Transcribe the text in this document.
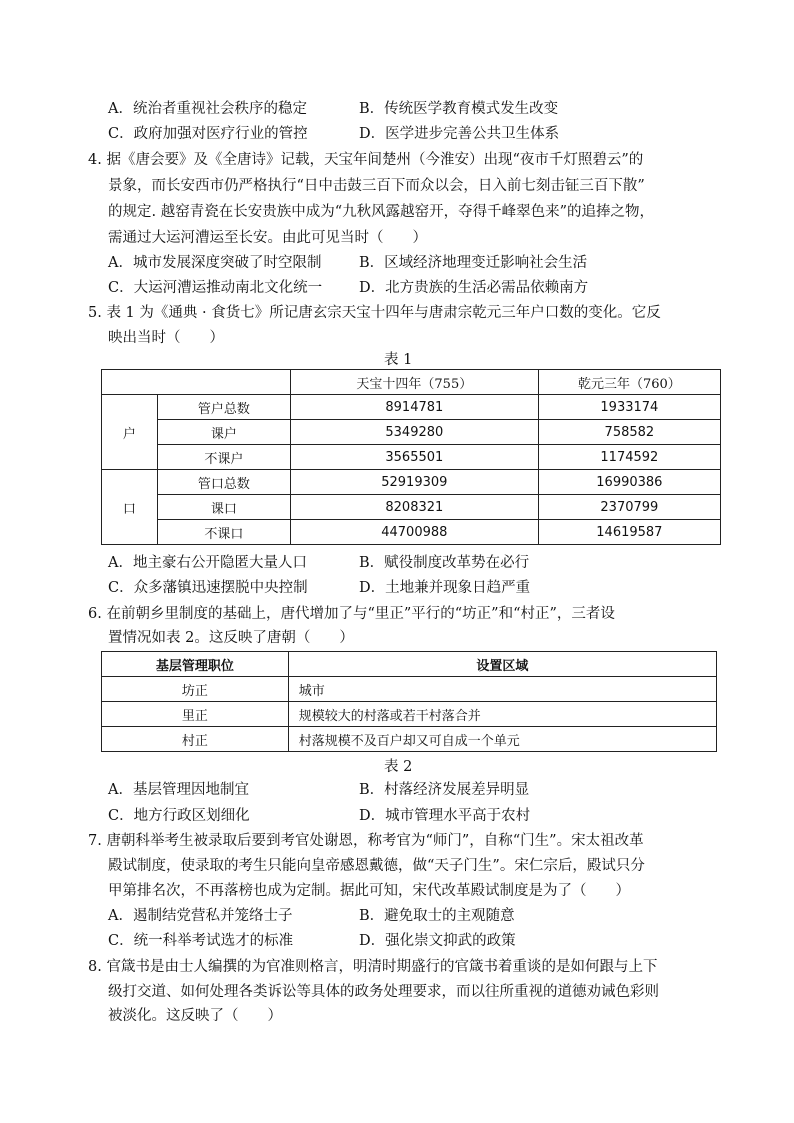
A．统治者重视社会秩序的稳定	B．传统医学教育模式发生改变
C．政府加强对医疗行业的管控	D．医学进步完善公共卫生体系
4. 据《唐会要》及《全唐诗》记载，天宝年间楚州（今淮安）出现“夜市千灯照碧云”的
景象，而长安西市仍严格执行“日中击鼓三百下而众以会，日入前七刻击钲三百下散”
的规定. 越窑青瓷在长安贵族中成为“九秋风露越窑开，夺得千峰翠色来”的追捧之物，
需通过大运河漕运至长安。由此可见当时（　　）
A．城市发展深度突破了时空限制	B．区域经济地理变迁影响社会生活
C．大运河漕运推动南北文化统一	D．北方贵族的生活必需品依赖南方
5. 表 1 为《通典 · 食货七》所记唐玄宗天宝十四年与唐肃宗乾元三年户口数的变化。它反
映出当时（　　）
表 1
		天宝十四年（755）	乾元三年（760）
户	管户总数	8914781	1933174
	课户	5349280	758582
	不课户	3565501	1174592
口	管口总数	52919309	16990386
	课口	8208321	2370799
	不课口	44700988	14619587
A．地主豪右公开隐匿大量人口	B．赋役制度改革势在必行
C．众多藩镇迅速摆脱中央控制	D．土地兼并现象日趋严重
6. 在前朝乡里制度的基础上，唐代增加了与“里正”平行的“坊正”和“村正”，三者设
置情况如表 2。这反映了唐朝（　　）
基层管理职位	设置区域
坊正	城市
里正	规模较大的村落或若干村落合并
村正	村落规模不及百户却又可自成一个单元
表 2
A．基层管理因地制宜	B．村落经济发展差异明显
C．地方行政区划细化	D．城市管理水平高于农村
7. 唐朝科举考生被录取后要到考官处谢恩，称考官为“师门”，自称“门生”。宋太祖改革
殿试制度，使录取的考生只能向皇帝感恩戴德，做“天子门生”。宋仁宗后，殿试只分
甲第排名次，不再落榜也成为定制。据此可知，宋代改革殿试制度是为了（　　）
A．遏制结党营私并笼络士子	B．避免取士的主观随意
C．统一科举考试选才的标准	D．强化崇文抑武的政策
8. 官箴书是由士人编撰的为官准则格言，明清时期盛行的官箴书着重谈的是如何跟与上下
级打交道、如何处理各类诉讼等具体的政务处理要求，而以往所重视的道德劝诫色彩则
被淡化。这反映了（　　）
